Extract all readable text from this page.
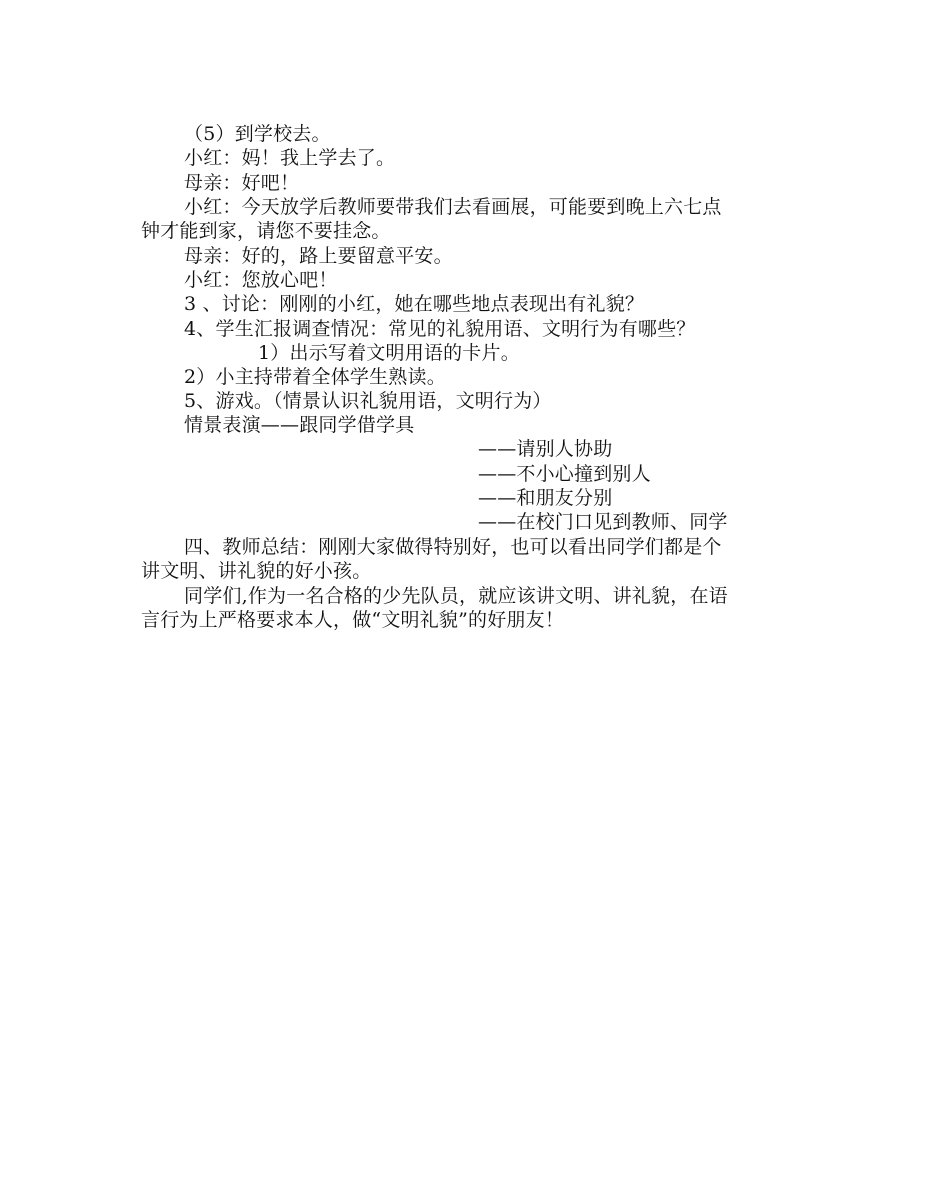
（5）到学校去。
小红：妈！我上学去了。
母亲：好吧！
小红：今天放学后教师要带我们去看画展，可能要到晚上六七点
钟才能到家，请您不要挂念。
母亲：好的，路上要留意平安。
小红：您放心吧！
3 、讨论：刚刚的小红，她在哪些地点表现出有礼貌？
4、学生汇报调查情况：常见的礼貌用语、文明行为有哪些？
1）出示写着文明用语的卡片。
2）小主持带着全体学生熟读。
5、游戏。（情景认识礼貌用语，文明行为）
情景表演——跟同学借学具
——请别人协助
——不小心撞到别人
——和朋友分别
——在校门口见到教师、同学
四、教师总结：刚刚大家做得特别好，也可以看出同学们都是个
讲文明、讲礼貌的好小孩。
同学们,作为一名合格的少先队员，就应该讲文明、讲礼貌，在语
言行为上严格要求本人，做“文明礼貌”的好朋友！
